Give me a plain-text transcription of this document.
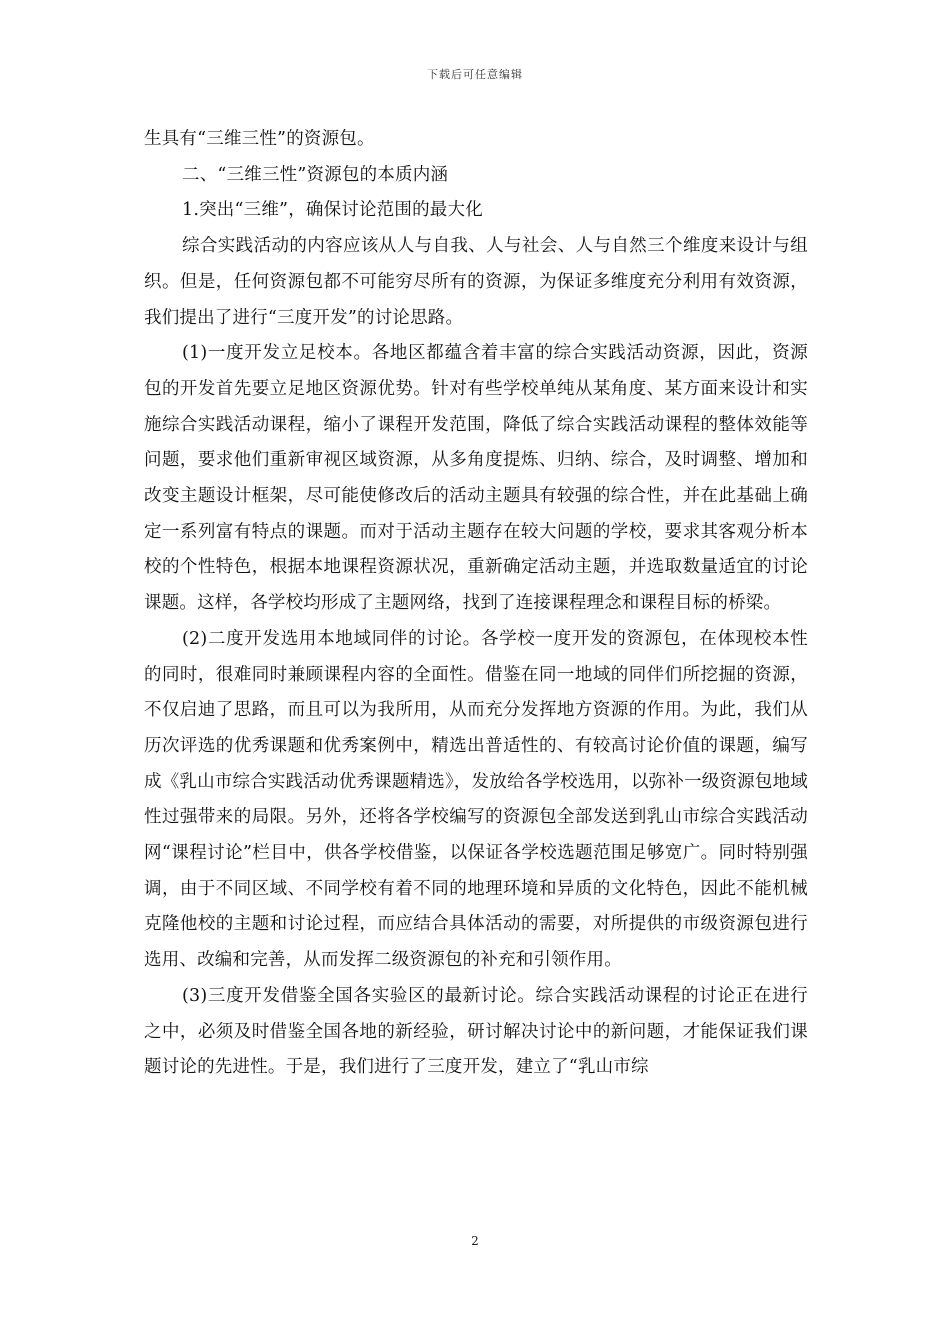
下载后可任意编辑

生具有“三维三性”的资源包。

二、“三维三性”资源包的本质内涵

1.突出“三维”，确保讨论范围的最大化

综合实践活动的内容应该从人与自我、人与社会、人与自然三个维度来设计与组织。但是，任何资源包都不可能穷尽所有的资源，为保证多维度充分利用有效资源，我们提出了进行“三度开发”的讨论思路。

(1)一度开发立足校本。各地区都蕴含着丰富的综合实践活动资源，因此，资源包的开发首先要立足地区资源优势。针对有些学校单纯从某角度、某方面来设计和实施综合实践活动课程，缩小了课程开发范围，降低了综合实践活动课程的整体效能等问题，要求他们重新审视区域资源，从多角度提炼、归纳、综合，及时调整、增加和改变主题设计框架，尽可能使修改后的活动主题具有较强的综合性，并在此基础上确定一系列富有特点的课题。而对于活动主题存在较大问题的学校，要求其客观分析本校的个性特色，根据本地课程资源状况，重新确定活动主题，并选取数量适宜的讨论课题。这样，各学校均形成了主题网络，找到了连接课程理念和课程目标的桥梁。

(2)二度开发选用本地域同伴的讨论。各学校一度开发的资源包，在体现校本性的同时，很难同时兼顾课程内容的全面性。借鉴在同一地域的同伴们所挖掘的资源，不仅启迪了思路，而且可以为我所用，从而充分发挥地方资源的作用。为此，我们从历次评选的优秀课题和优秀案例中，精选出普适性的、有较高讨论价值的课题，编写成《乳山市综合实践活动优秀课题精选》，发放给各学校选用，以弥补一级资源包地域性过强带来的局限。另外，还将各学校编写的资源包全部发送到乳山市综合实践活动网“课程讨论”栏目中，供各学校借鉴，以保证各学校选题范围足够宽广。同时特别强调，由于不同区域、不同学校有着不同的地理环境和异质的文化特色，因此不能机械克隆他校的主题和讨论过程，而应结合具体活动的需要，对所提供的市级资源包进行选用、改编和完善，从而发挥二级资源包的补充和引领作用。

(3)三度开发借鉴全国各实验区的最新讨论。综合实践活动课程的讨论正在进行之中，必须及时借鉴全国各地的新经验，研讨解决讨论中的新问题，才能保证我们课题讨论的先进性。于是，我们进行了三度开发，建立了“乳山市综

2
